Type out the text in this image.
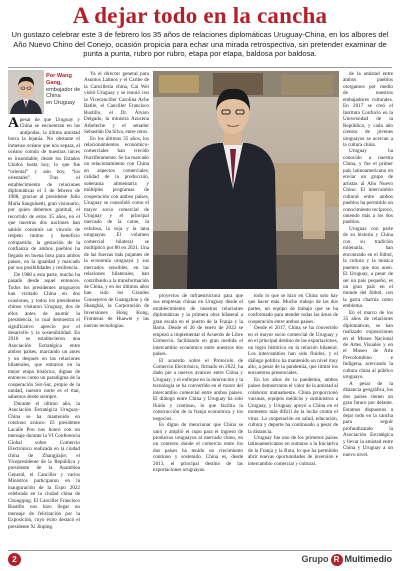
A dejar todo en la cancha

Un gustazo celebrar este 3 de febrero los 35 años de relaciones diplomáticas Uruguay-China, en los albores del Año Nuevo Chino del Conejo, ocasión propicia para echar una mirada retrospectiva, sin pretender examinar de punta a punta, rubro por rubro, etapa por etapa, baldosa por baldosa.

Por Wang Gang,
embajador de China
en Uruguay

Apesar de que Uruguay y China se encuentran en las antípodas, la última amistad borra la lejanía. No obstante el inmenso océano que nos separa, el océano común de nuestras raíces es insondable; desde los Estados Unidos hasta hoy, lo que fue “oriental” y aún hoy, “los orientales”. Tras el establecimiento de relaciones diplomáticas el 3 de febrero de 1988, gracias al presidente Julio María Sanguinetti, gran visionario, por quien debemos gratitud, el recorrido de estos 35 años, en el que nuestras dos naciones han sabido construir un vínculo de respeto mutuo y beneficio compartido, la gestación de la confianza de ambos pueblos ha llegado en buena hora para ambos países, en la igualdad y marcado por sus posibilidades y resiliencia.

De 1988 a esta parte, mucho ha pasado desde aquel entonces. Todos los presidentes uruguayos han visitado China en dos ocasiones, y todos los presidentes chinos visitaron Uruguay, dos de ellos antes de asumir la presidencia, lo cual demuestra el significativo aprecio por el desarrollo y la sostenibilidad. En 2016 se establecieron una Asociación Estratégica entre ambos países, marcando un antes y un después en las relaciones bilaterales, que entraron en la mejor etapa histórica, dignas de entonces como un paradigma de la cooperación Sur-Sur, propio de la unidad, nuestro norte es el mar, sabemos desde siempre.

Durante el último año, la Asociación Estratégica Uruguay-China se ha mantenido en continuo avance. El presidente Lacalle Pou nos honró con un mensaje durante la VI Conferencia Global sobre Comercio Electrónico realizada en la ciudad china de Zhangjiajie; el Vicepresidente de la República y presidente de la Asamblea General, el Canciller y varios Ministros participaron en la inauguración de la Expo 2022 celebrada en la ciudad china de Chongqing. El Canciller Francisco Bustillo nos hizo llegar un mensaje de felicitación por la Exposición, cuyo éxito destacó el presidente Xi Jinping.

Ya el director general para Asuntos Latinos y el Caribe de la Cancillería china, Cai Wei visitó Uruguay y se reunió con la Vicecanciller Carolina Ache Batlle, el Canciller Francisco Bustillo, el Dr. Álvaro Delgado, la ministra Azucena Arbeleche y el senador Sebastián Da Silva, entre otros.

En los últimos 35 años, los relacionamientos económico-comerciales han crecido fructíferamente. Se ha marcado un relacionamiento con China en aspectos comerciales, calidad de la producción, soberanía alimentaria y múltiples programas de cooperación con ambos países, Uruguay se consolidó como el mayor socio comercial de Uruguay y el principal mercado de la carne, la celulosa, la soja y la lana uruguayas. El volumen comercial bilateral se multiplicó por 80 en 2021. Una de las fuerzas más pujantes de la economía uruguaya y sus mercados sensibles, en las relaciones bilaterales, han contribuido a la transformación de China, y en los últimos años han sido los Grandes Consejeros de Guangzhou y de Shanghái, la Corporación de Inversiones Hong Kong, Fronteras de Huawei y las nuevas tecnologías.

proyectos de infraestructura para que sus empresas chinas en Uruguay desde el establecimiento de nuestras relaciones diplomáticas y la primera obra bilateral a gran escala en el puerto de la Franja y la Barra. Desde el 26 de enero de 2022 se empezó a implementar el Acuerdo de Libre Comercio, facilitando en gran medida el intercambio económico entre nuestros dos países.

El acuerdo sobre el Protocolo de Comercio Electrónico, firmado en 2022, ha dado pie a nuevos avances entre China y Uruguay, y el enfoque en la innovación y la tecnología se ha convertido en el motor del intercambio comercial entre ambos países. El diálogo entre China y Uruguay ha sido fluido y continuo, lo que facilita la construcción de la franja económica y los negocios.

Es digno de mencionar que China se unió y amplió el cupo para el ingreso de productos uruguayos al mercado chino, en un contexto donde el comercio entre los dos países ha tenido un crecimiento continuo y sostenido. China es, desde 2013, el principal destino de las exportaciones uruguayas.

todo lo que se hizo en China solo hay que hacer más. Mucho trabajo de las dos partes, un equipo de trabajo que se ha conformado para atender todas las áreas de cooperación entre ambos países.

Desde el 2017, China se ha convertido en el mayor socio comercial de Uruguay y en el principal destino de las exportaciones, un logro histórico en la relación bilateral. Los intercambios han sido fluidos, y el diálogo político ha mantenido un nivel muy alto, a pesar de la pandemia, que limitó los encuentros presenciales.

En los años de la pandemia, ambos países demostraron el valor de la amistad al colaborar mutuamente. China proporcionó vacunas, equipos médicos y suministros a Uruguay, y Uruguay apoyó a China en el momento más difícil de la lucha contra el virus. La cooperación en salud, educación, cultura y deporte ha continuado a pesar de la distancia.

Uruguay fue uno de los primeros países latinoamericanos en sumarse a la Iniciativa de la Franja y la Ruta, lo que ha permitido abrir nuevas oportunidades de inversión e intercambio comercial y cultural.

de la amistad entre ambos pueblos otorgamos por medio de nuestros embajadores culturales. En 2017 se creó el Instituto Confucio en la Universidad de la República, y cada año cientos de jóvenes uruguayos se acercan a la cultura china.

Uruguay ha conocido a nuestra China, y fue el primer país latinoamericano en enviar un grupo de artistas al Año Nuevo Chino. El intercambio cultural entre ambos pueblos ha permitido un conocimiento recíproco, uniendo más a los dos pueblos.

Uruguay con parte de su historia y China con su tradición milenaria, han encontrado en el fútbol, la cultura y la música puentes que nos unen. El Uruguay, a pesar de ser un país pequeño, es un gran país en el mundo del fútbol, con la garra charrúa como emblema.

En el marco de los 35 años de relaciones diplomáticas, se han realizado exposiciones en el Museo Nacional de Artes Visuales y en el Museo de Arte Precolombino e Indígena, acercando la cultura china al público uruguayo.

A pesar de la distancia geográfica, los dos países tienen un gran futuro por delante. Estamos dispuestos a dejar todo en la cancha para seguir profundizando la Asociación Estratégica y llevar la amistad entre China y Uruguay a un nuevo nivel.

2	Grupo R Multimedio
